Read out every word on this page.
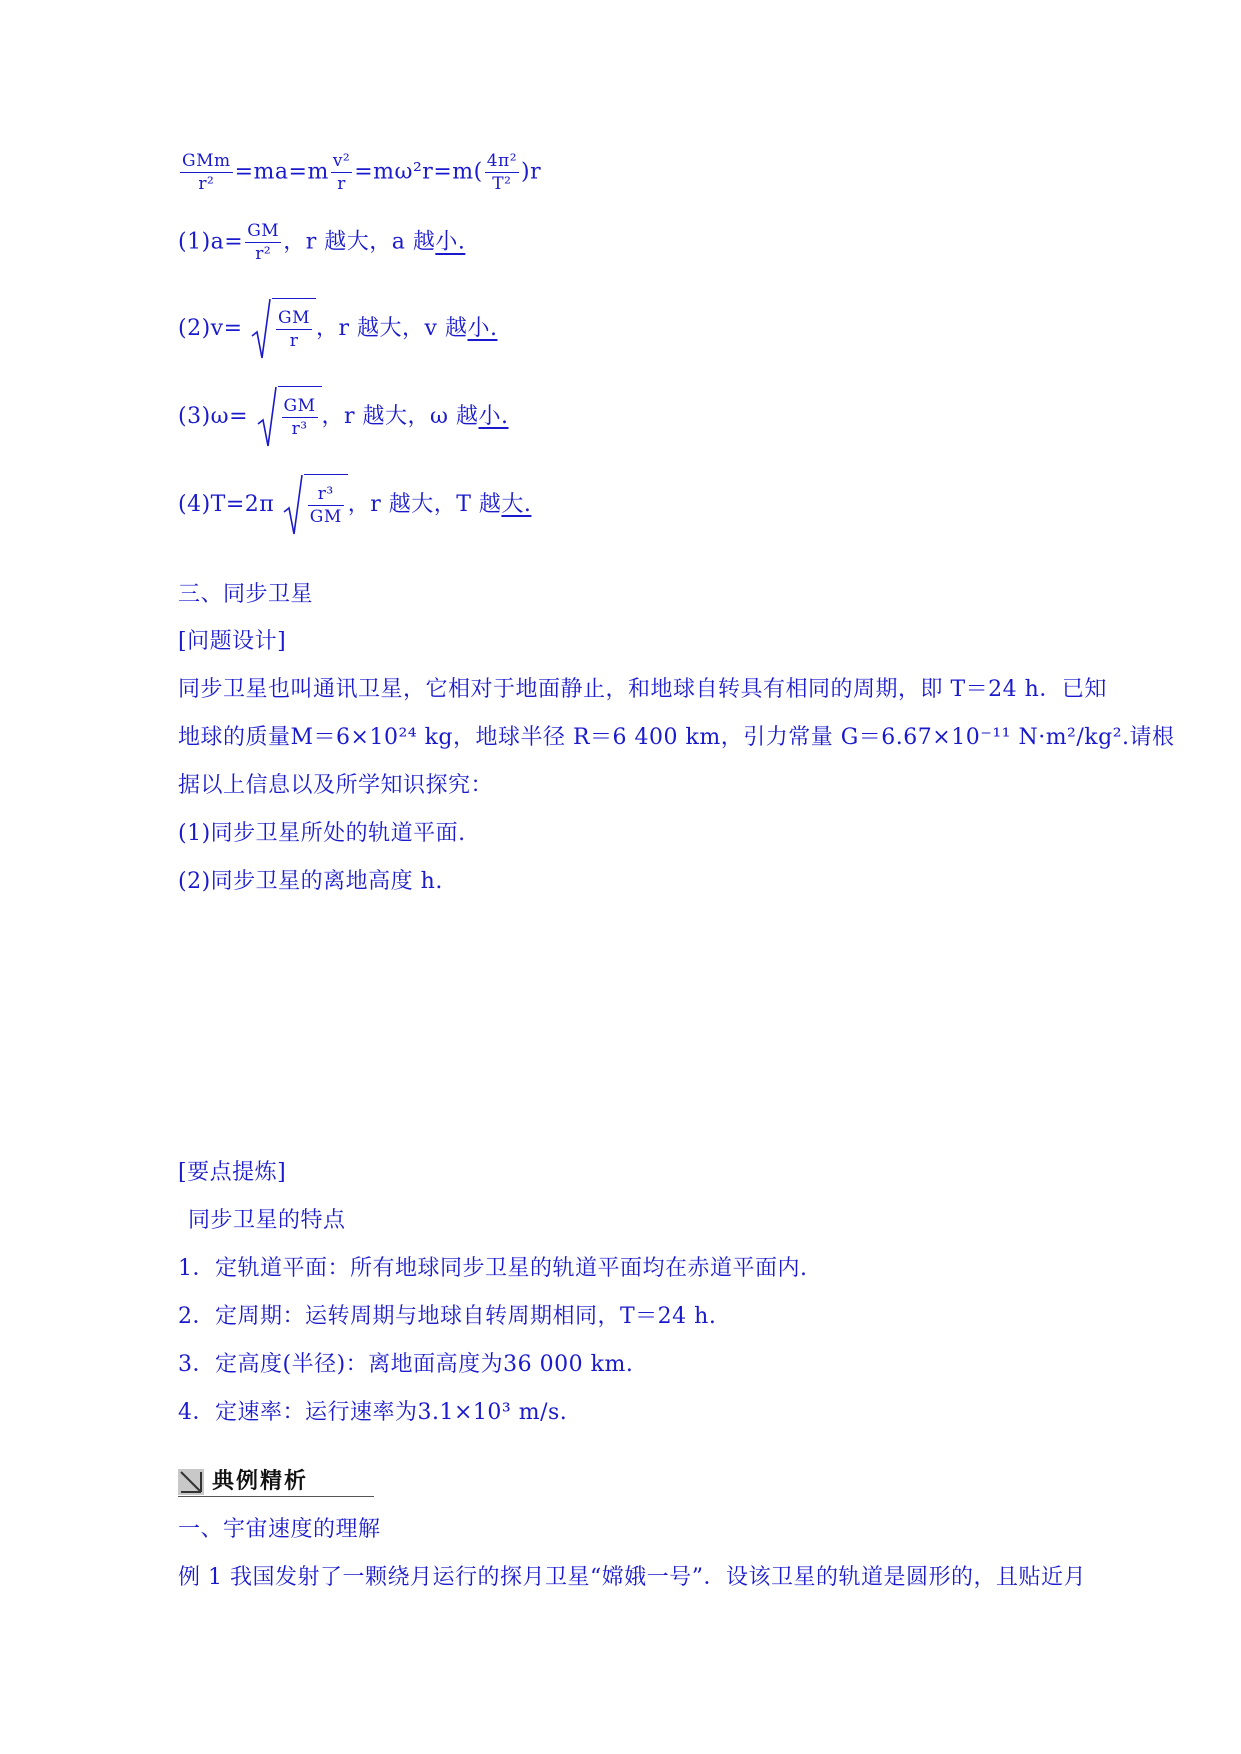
$\frac{\text{GMm}}{\text{r²}} =ma=m \frac{\text{v²}}{r} =m\omega^2r=m( \frac{\text{4π²}}{\text{T²}} )r$
$(1)a= \frac{GM}{\text{r²}}$ ，r 越大，a 越小.
$(2)v= \frac{GM}{r}$ ，r 越大，v 越小.
$(3)\omega= \frac{GM}{\text{r³}}$ ，r 越大，ω 越小.
$(4)T=2\pi \frac{\text{r³}}{GM}$ ，r 越大，T 越大.
三、同步卫星
[问题设计]
同步卫星也叫通讯卫星，它相对于地面静止，和地球自转具有相同的周期，即 T＝24 h．已知
地球的质量M＝6×10²⁴ kg，地球半径 R＝6 400 km，引力常量 G＝6.67×10⁻¹¹ N·m²/kg².请根
据以上信息以及所学知识探究：
(1)同步卫星所处的轨道平面.
(2)同步卫星的离地高度 h.
[要点提炼]
同步卫星的特点
1．定轨道平面：所有地球同步卫星的轨道平面均在赤道平面内.
2．定周期：运转周期与地球自转周期相同，T＝24 h.
3．定高度(半径)：离地面高度为36 000 km.
4．定速率：运行速率为3.1×10³ m/s.
典例精析
一、宇宙速度的理解
例 1 我国发射了一颗绕月运行的探月卫星“嫦娥一号”．设该卫星的轨道是圆形的，且贴近月
